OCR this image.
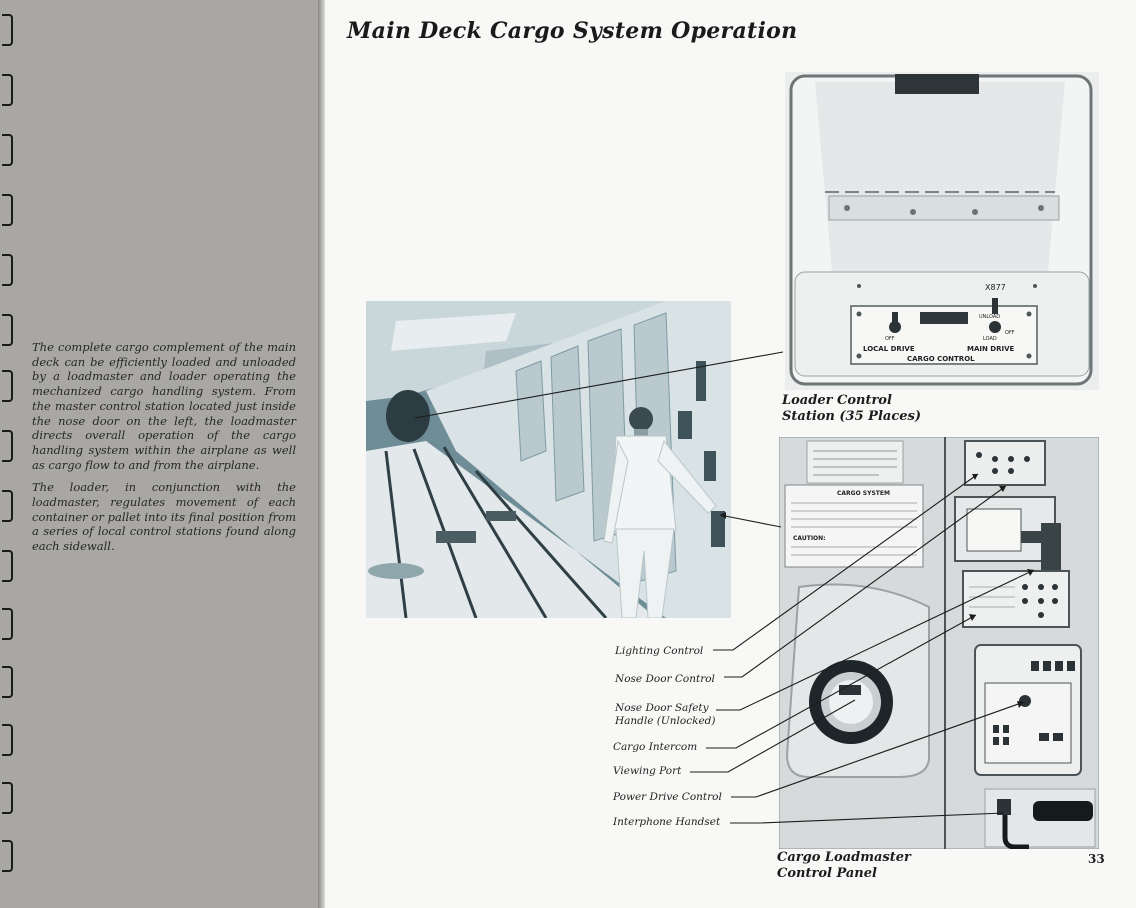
The complete cargo complement of the main deck can be efficiently loaded and unloaded by a loadmaster and loader operating the mechanized cargo handling system. From the master control station located just inside the nose door on the left, the loadmaster directs overall operation of the cargo handling system within the airplane as well as cargo flow to and from the airplane.

The loader, in conjunction with the loadmaster, regulates movement of each container or pallet into its final position from a series of local control stations found along each sidewall.

Main Deck Cargo System Operation
X877
OFF
OFF
UNLOAD
LOAD
LOCAL DRIVE	MAIN DRIVE
CARGO CONTROL
CARGO SYSTEM
CAUTION:
Loader Control
Station (35 Places)
Cargo Loadmaster
Control Panel

Lighting Control

Nose Door Control

Nose Door Safety
Handle (Unlocked)

Cargo Intercom

Viewing Port

Power Drive Control

Interphone Handset

33
